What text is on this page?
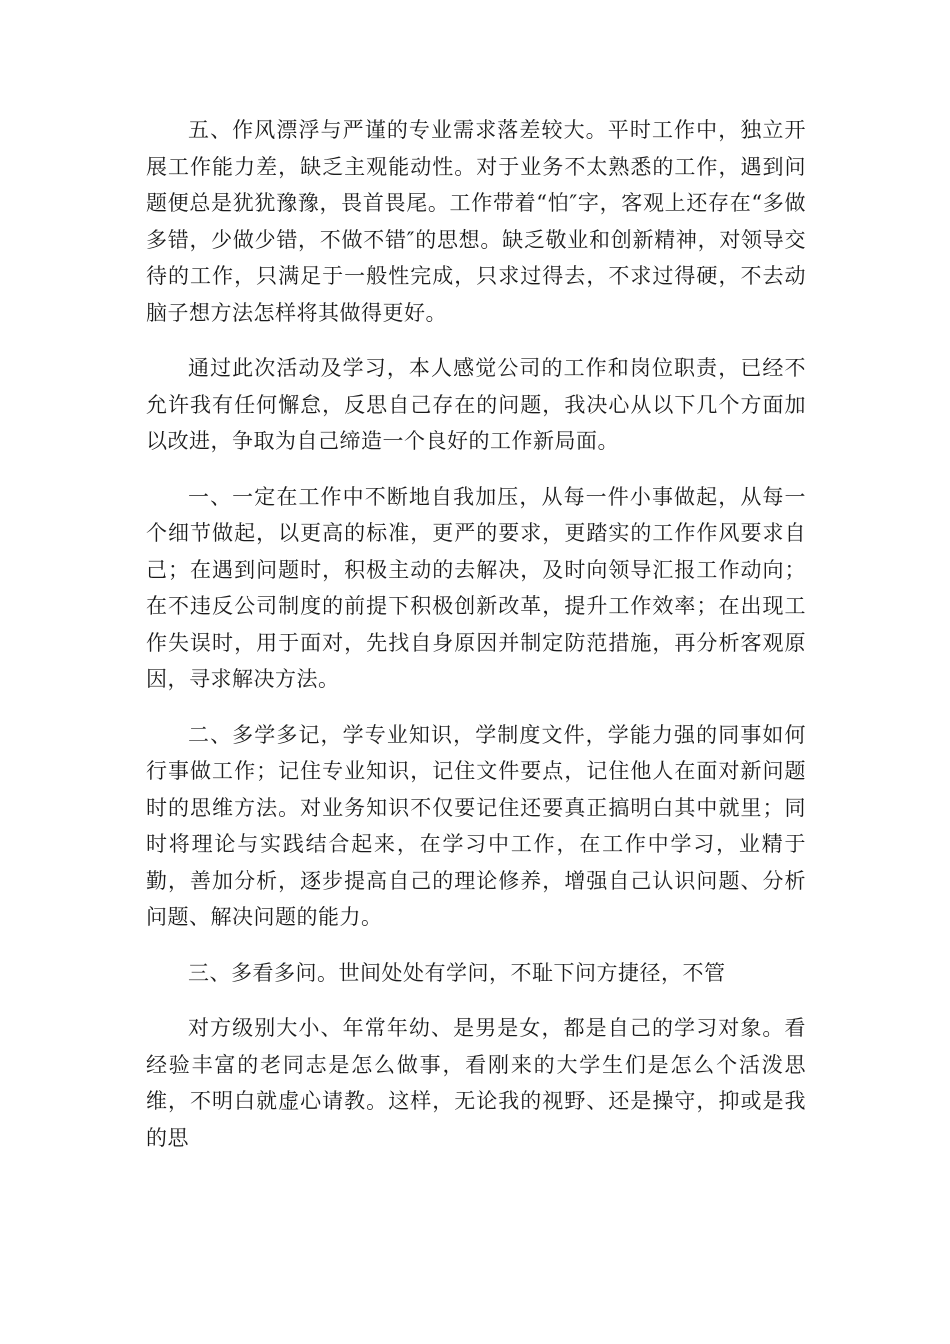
五、作风漂浮与严谨的专业需求落差较大。平时工作中，独立开展工作能力差，缺乏主观能动性。对于业务不太熟悉的工作，遇到问题便总是犹犹豫豫，畏首畏尾。工作带着“怕″字，客观上还存在“多做多错，少做少错，不做不错″的思想。缺乏敬业和创新精神，对领导交待的工作，只满足于一般性完成，只求过得去，不求过得硬，不去动脑子想方法怎样将其做得更好。

通过此次活动及学习，本人感觉公司的工作和岗位职责，已经不允许我有任何懈怠，反思自己存在的问题，我决心从以下几个方面加以改进，争取为自己缔造一个良好的工作新局面。

一、一定在工作中不断地自我加压，从每一件小事做起，从每一个细节做起，以更高的标准，更严的要求，更踏实的工作作风要求自己；在遇到问题时，积极主动的去解决，及时向领导汇报工作动向；在不违反公司制度的前提下积极创新改革，提升工作效率；在出现工作失误时，用于面对，先找自身原因并制定防范措施，再分析客观原因，寻求解决方法。

二、多学多记，学专业知识，学制度文件，学能力强的同事如何行事做工作；记住专业知识，记住文件要点，记住他人在面对新问题时的思维方法。对业务知识不仅要记住还要真正搞明白其中就里；同时将理论与实践结合起来，在学习中工作，在工作中学习，业精于勤，善加分析，逐步提高自己的理论修养，增强自己认识问题、分析问题、解决问题的能力。

三、多看多问。世间处处有学问，不耻下问方捷径，不管

对方级别大小、年常年幼、是男是女，都是自己的学习对象。看经验丰富的老同志是怎么做事，看刚来的大学生们是怎么个活泼思维，不明白就虚心请教。这样，无论我的视野、还是操守，抑或是我的思
